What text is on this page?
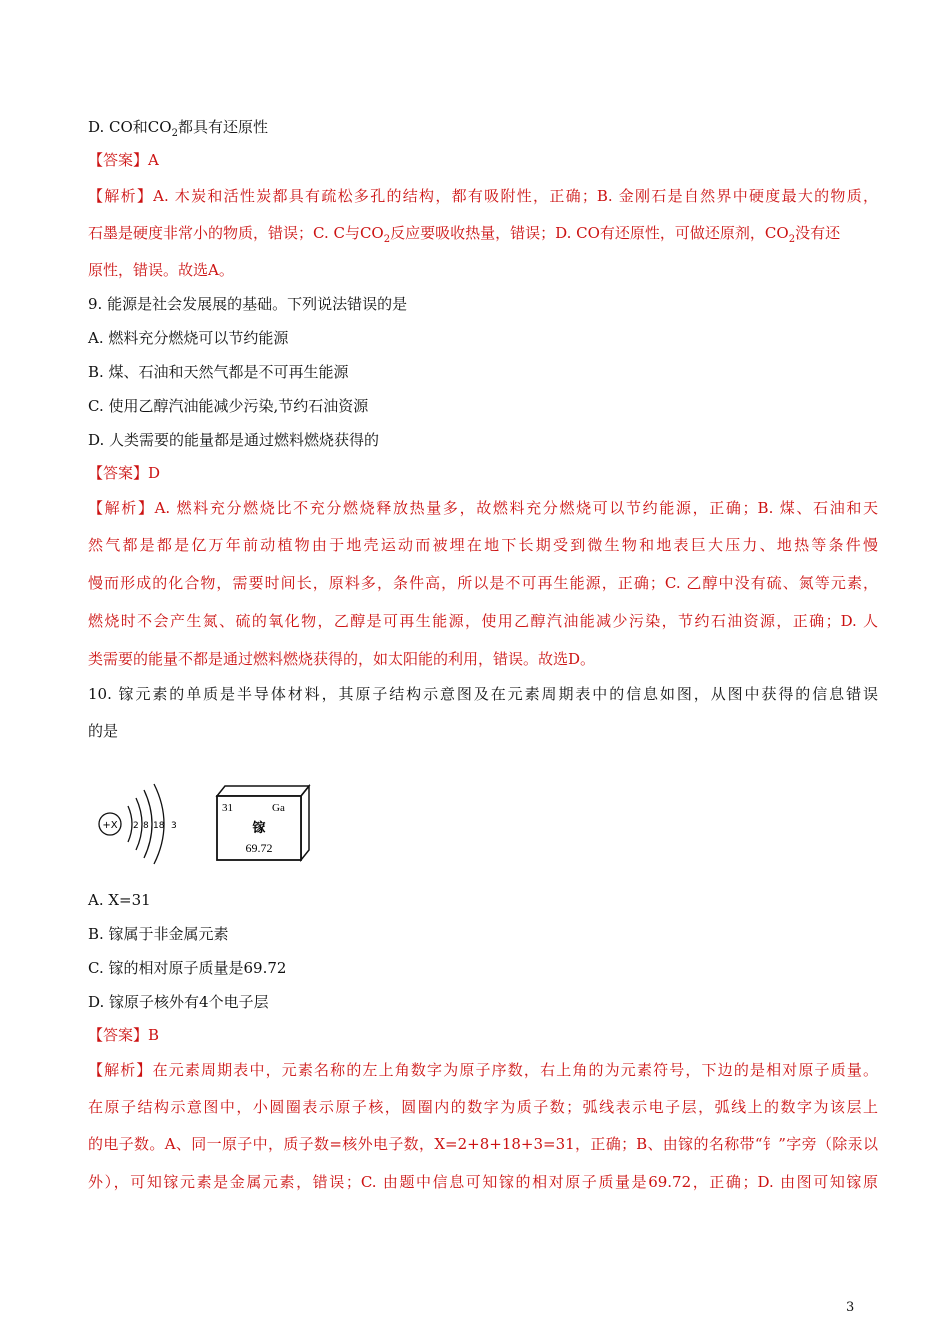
D. CO和$CO_2$都具有还原性
【答案】A
【解析】A. 木炭和活性炭都具有疏松多孔的结构，都有吸附性，正确；B. 金刚石是自然界中硬度最大的物质，
石墨是硬度非常小的物质，错误；C. C与$CO_2$反应要吸收热量，错误；D. CO有还原性，可做还原剂，$CO_2$没有还
原性，错误。故选A。
9. 能源是社会发展展的基础。下列说法错误的是
A. 燃料充分燃烧可以节约能源
B. 煤、石油和天然气都是不可再生能源
C. 使用乙醇汽油能减少污染,节约石油资源
D. 人类需要的能量都是通过燃料燃烧获得的
【答案】D
【解析】A. 燃料充分燃烧比不充分燃烧释放热量多，故燃料充分燃烧可以节约能源，正确；B. 煤、石油和天
然气都是都是亿万年前动植物由于地壳运动而被埋在地下长期受到微生物和地表巨大压力、地热等条件慢
慢而形成的化合物，需要时间长，原料多，条件高，所以是不可再生能源，正确；C. 乙醇中没有硫、氮等元素，
燃烧时不会产生氮、硫的氧化物，乙醇是可再生能源，使用乙醇汽油能减少污染，节约石油资源，正确；D. 人
类需要的能量不都是通过燃料燃烧获得的，如太阳能的利用，错误。故选D。
10. 镓元素的单质是半导体材料，其原子结构示意图及在元素周期表中的信息如图，从图中获得的信息错误
的是
+X 2 8 18 3
31	Ga
镓
69.72
A. X=31
B. 镓属于非金属元素
C. 镓的相对原子质量是69.72
D. 镓原子核外有4个电子层
【答案】B
【解析】在元素周期表中，元素名称的左上角数字为原子序数，右上角的为元素符号，下边的是相对原子质量。
在原子结构示意图中，小圆圈表示原子核，圆圈内的数字为质子数；弧线表示电子层，弧线上的数字为该层上
的电子数。A、同一原子中，质子数=核外电子数，X=2+8+18+3=31，正确；B、由镓的名称带“钅”字旁（除汞以
外），可知镓元素是金属元素，错误；C. 由题中信息可知镓的相对原子质量是69.72，正确；D. 由图可知镓原
3
